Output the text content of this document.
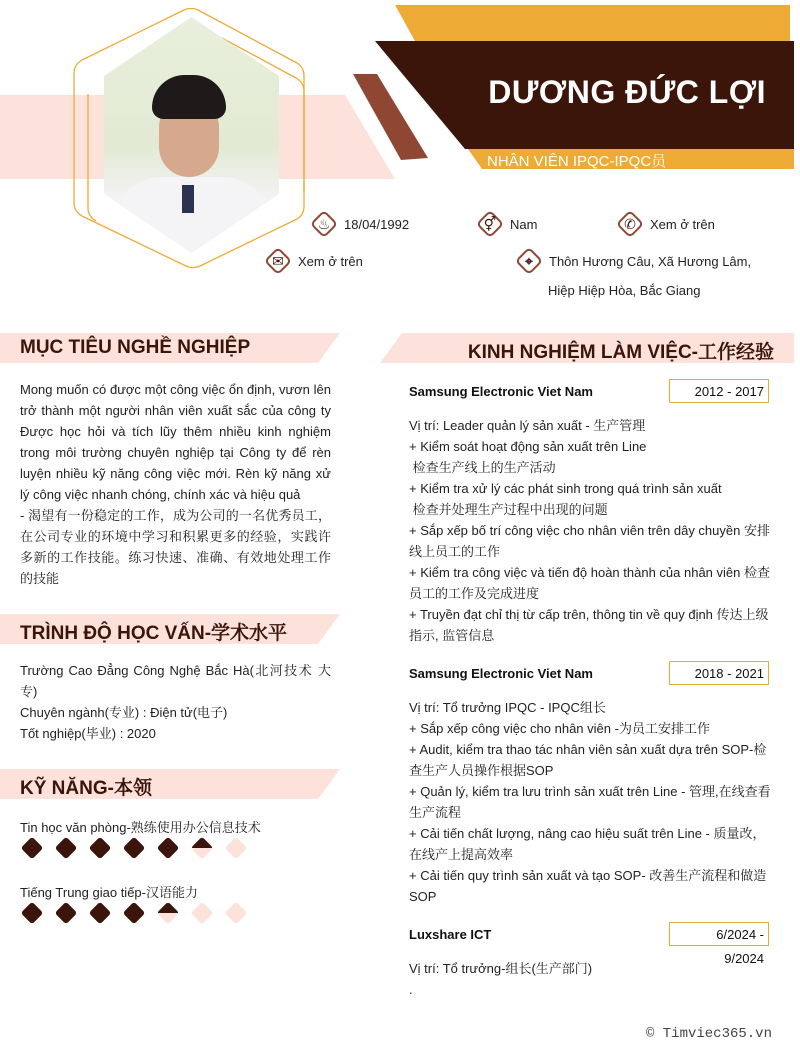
DƯƠNG ĐỨC LỢI
NHÂN VIÊN IPQC-IPQC员
♨	18/04/1992	⚥	Nam	✆	Xem ở trên
✉	Xem ở trên	⌖	Thôn Hương Câu, Xã Hương Lâm,
Hiệp Hiệp Hòa, Bắc Giang
MỤC TIÊU NGHỀ NGHIỆP
Mong muốn có được một công việc ổn định, vươn lên trở thành một người nhân viên xuất sắc của công ty Được học hỏi và tích lũy thêm nhiều kinh nghiệm trong môi trường chuyên nghiệp tại Công ty để rèn luyện nhiều kỹ năng công việc mới. Rèn kỹ năng xử lý công việc nhanh chóng, chính xác và hiệu quả
- 渴望有一份稳定的工作，成为公司的一名优秀员工，在公司专业的环境中学习和积累更多的经验，实践许多新的工作技能。练习快速、准确、有效地处理工作的技能
TRÌNH ĐỘ HỌC VẤN-学术水平
Trường Cao Đẳng Công Nghệ Bắc Hà(北河技术 大专)
Chuyên ngành(专业) : Điện tử(电子)
Tốt nghiệp(毕业) : 2020
KỸ NĂNG-本领
Tin học văn phòng-熟练使用办公信息技术
Tiếng Trung giao tiếp-汉语能力
KINH NGHIỆM LÀM VIỆC-工作经验
Samsung Electronic Viet Nam	2012 - 2017
Vị trí: Leader quản lý sản xuất - 生产管理
+ Kiểm soát hoạt động sản xuất trên Line
检查生产线上的生产活动
+ Kiểm tra xử lý các phát sinh trong quá trình sản xuất
检查并处理生产过程中出现的问题
+ Sắp xếp bố trí công việc cho nhân viên trên dây chuyền 安排线上员工的工作
+ Kiểm tra công việc và tiến độ hoàn thành của nhân viên 检查员工的工作及完成进度
+ Truyền đạt chỉ thị từ cấp trên, thông tin về quy định 传达上级指示, 监管信息
Samsung Electronic Viet Nam	2018 - 2021
Vị trí: Tổ trưởng IPQC - IPQC组长
+ Sắp xếp công việc cho nhân viên -为员工安排工作
+ Audit, kiểm tra thao tác nhân viên sản xuất dựa trên SOP-检查生产人员操作根据SOP
+ Quản lý, kiểm tra lưu trình sản xuất trên Line - 管理,在线查看生产流程
+ Cải tiến chất lượng, nâng cao hiệu suất trên Line - 质量改，在线产上提高效率
+ Cải tiến quy trình sản xuất và tạo SOP- 改善生产流程和做造SOP
Luxshare ICT	6/2024 - 9/2024
Vị trí: Tổ trưởng-组长(生产部门)
.
© Timviec365.vn
